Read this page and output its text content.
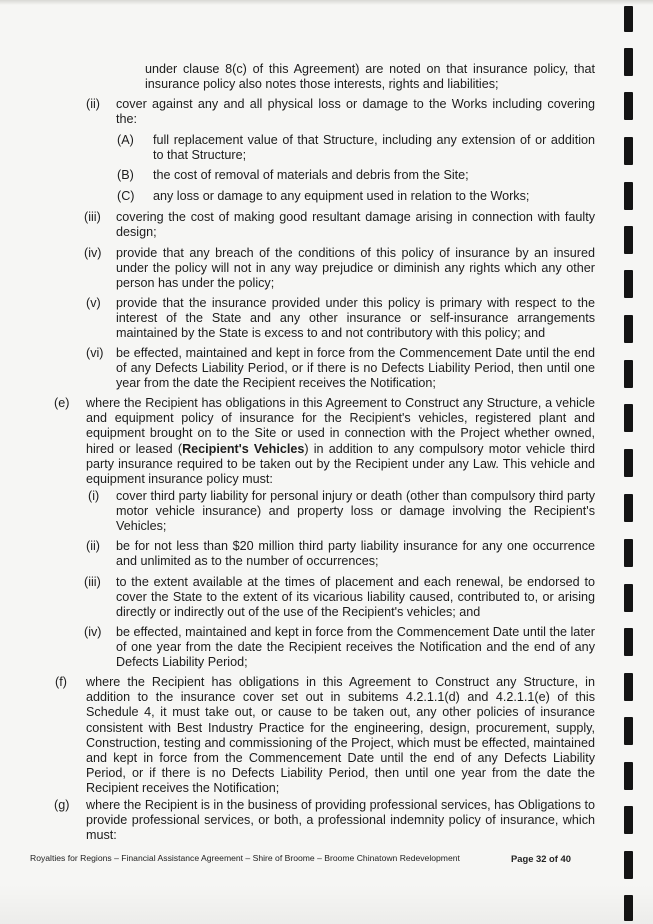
under clause 8(c) of this Agreement) are noted on that insurance policy, that insurance policy also notes those interests, rights and liabilities;
(ii) cover against any and all physical loss or damage to the Works including covering the:
(A) full replacement value of that Structure, including any extension of or addition to that Structure;
(B) the cost of removal of materials and debris from the Site;
(C) any loss or damage to any equipment used in relation to the Works;
(iii) covering the cost of making good resultant damage arising in connection with faulty design;
(iv) provide that any breach of the conditions of this policy of insurance by an insured under the policy will not in any way prejudice or diminish any rights which any other person has under the policy;
(v) provide that the insurance provided under this policy is primary with respect to the interest of the State and any other insurance or self-insurance arrangements maintained by the State is excess to and not contributory with this policy; and
(vi) be effected, maintained and kept in force from the Commencement Date until the end of any Defects Liability Period, or if there is no Defects Liability Period, then until one year from the date the Recipient receives the Notification;
(e) where the Recipient has obligations in this Agreement to Construct any Structure, a vehicle and equipment policy of insurance for the Recipient's vehicles, registered plant and equipment brought on to the Site or used in connection with the Project whether owned, hired or leased (Recipient's Vehicles) in addition to any compulsory motor vehicle third party insurance required to be taken out by the Recipient under any Law. This vehicle and equipment insurance policy must:
(i) cover third party liability for personal injury or death (other than compulsory third party motor vehicle insurance) and property loss or damage involving the Recipient's Vehicles;
(ii) be for not less than $20 million third party liability insurance for any one occurrence and unlimited as to the number of occurrences;
(iii) to the extent available at the times of placement and each renewal, be endorsed to cover the State to the extent of its vicarious liability caused, contributed to, or arising directly or indirectly out of the use of the Recipient's vehicles; and
(iv) be effected, maintained and kept in force from the Commencement Date until the later of one year from the date the Recipient receives the Notification and the end of any Defects Liability Period;
(f) where the Recipient has obligations in this Agreement to Construct any Structure, in addition to the insurance cover set out in subitems 4.2.1.1(d) and 4.2.1.1(e) of this Schedule 4, it must take out, or cause to be taken out, any other policies of insurance consistent with Best Industry Practice for the engineering, design, procurement, supply, Construction, testing and commissioning of the Project, which must be effected, maintained and kept in force from the Commencement Date until the end of any Defects Liability Period, or if there is no Defects Liability Period, then until one year from the date the Recipient receives the Notification;
(g) where the Recipient is in the business of providing professional services, has Obligations to provide professional services, or both, a professional indemnity policy of insurance, which must:
Royalties for Regions – Financial Assistance Agreement – Shire of Broome – Broome Chinatown Redevelopment	Page 32 of 40
